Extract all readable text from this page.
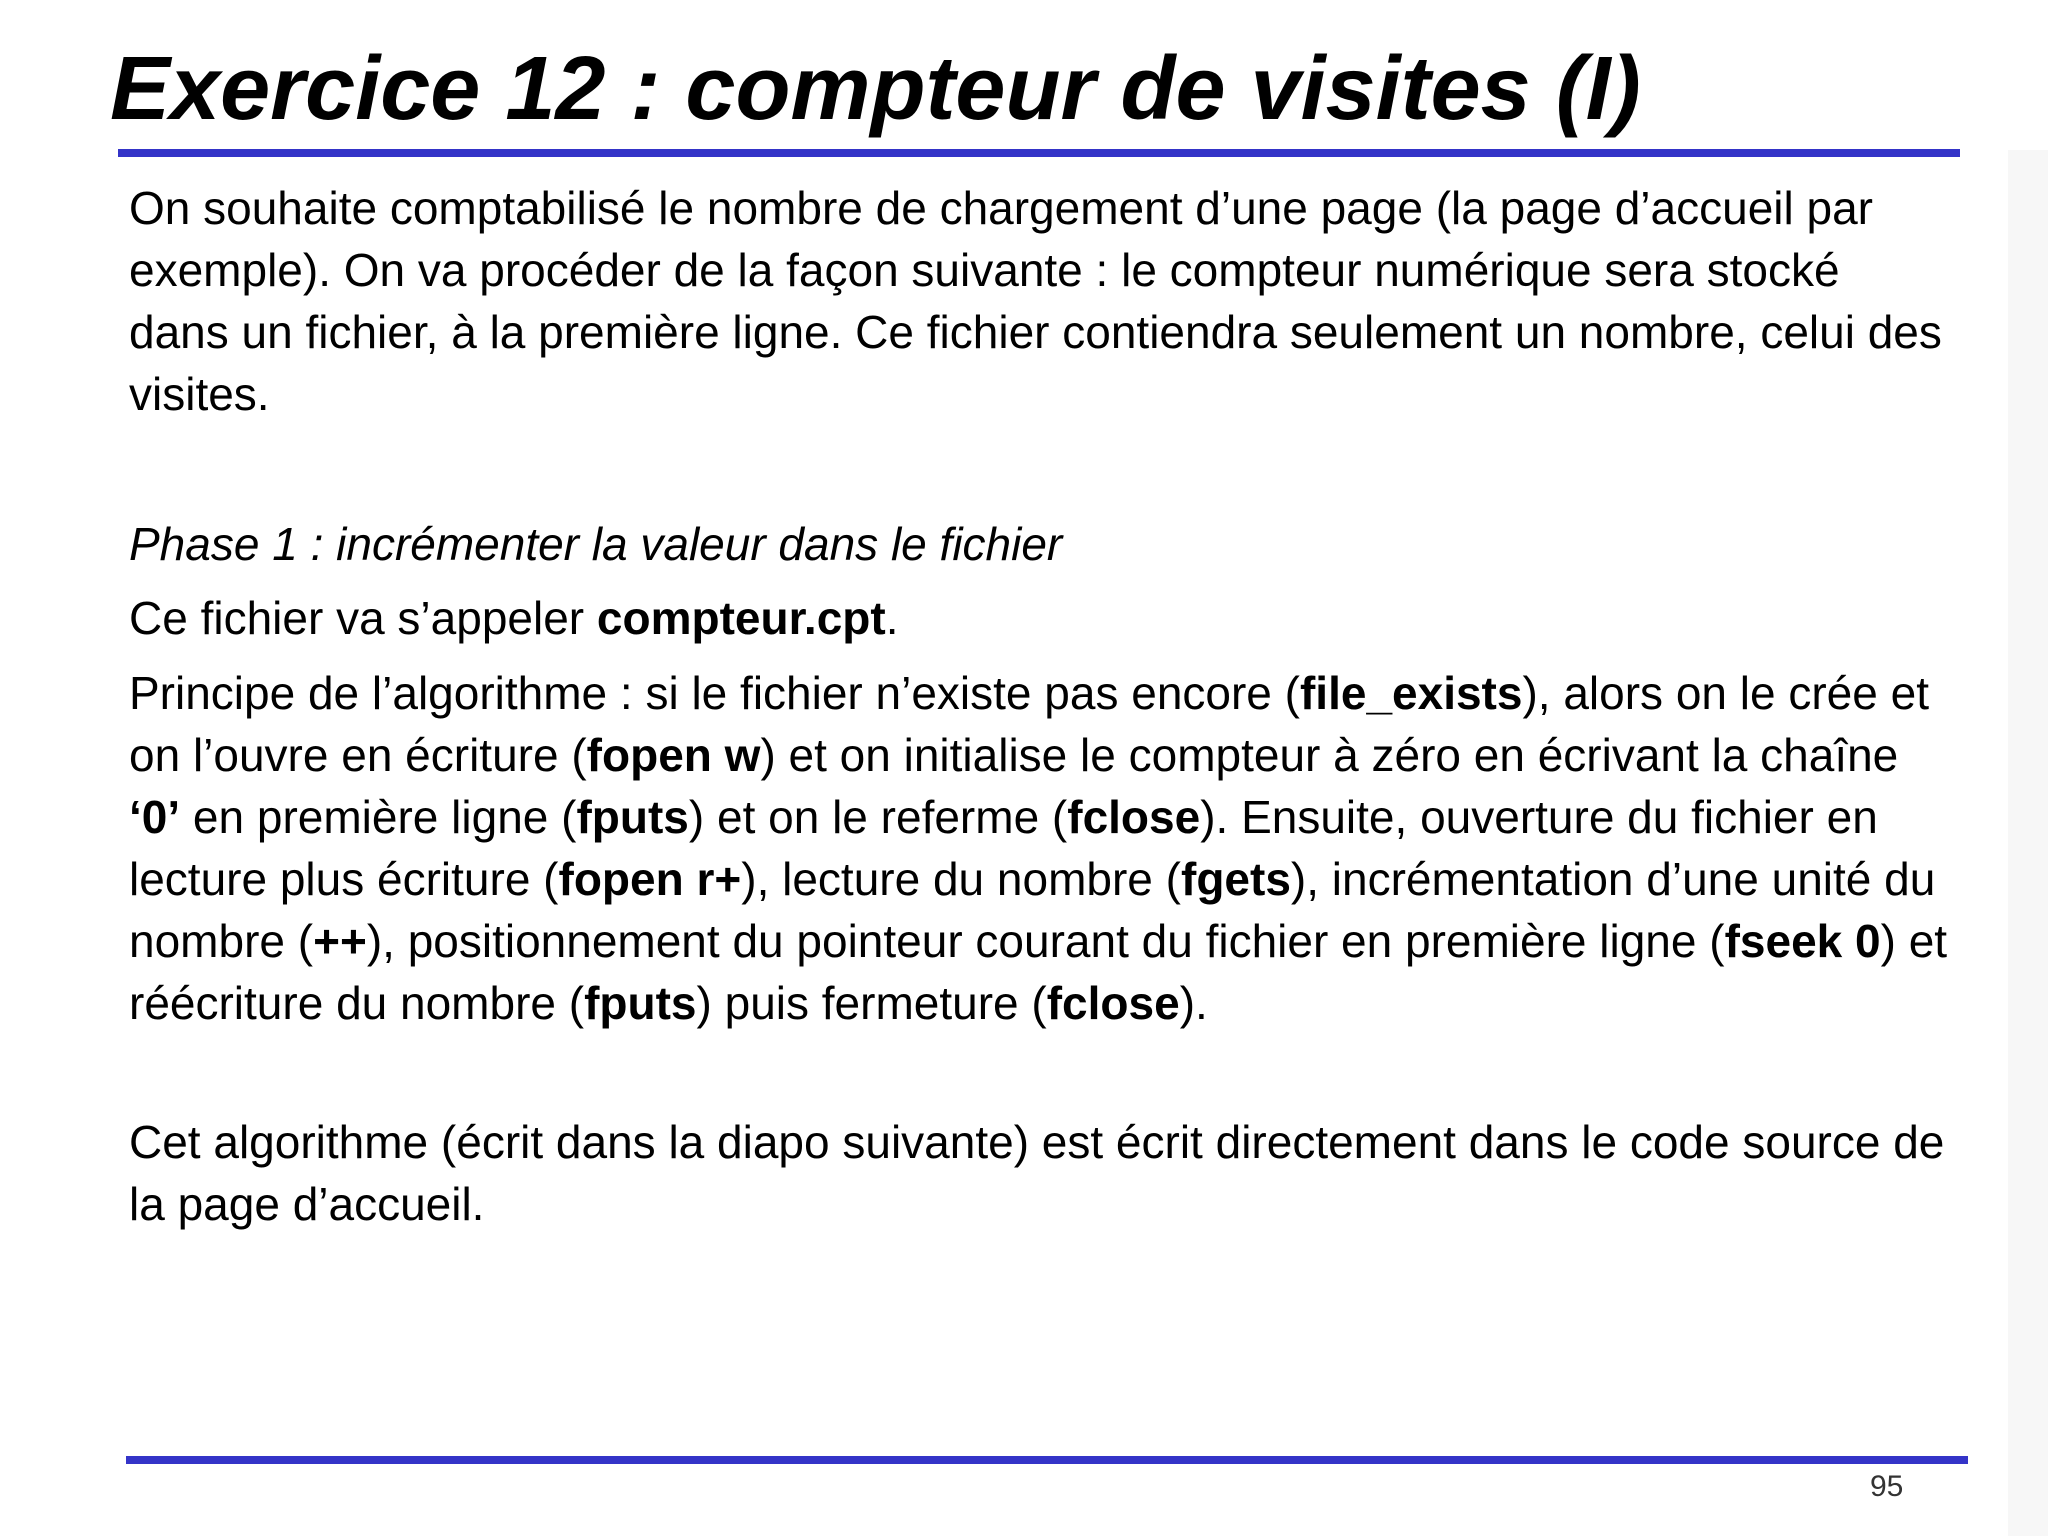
Exercice 12 : compteur de visites (I)

On souhaite comptabilisé le nombre de chargement d’une page (la page d’accueil par exemple). On va procéder de la façon suivante : le compteur numérique sera stocké dans un fichier, à la première ligne. Ce fichier contiendra seulement un nombre, celui des visites.

Phase 1 : incrémenter la valeur dans le fichier

Ce fichier va s’appeler compteur.cpt.

Principe de l’algorithme : si le fichier n’existe pas encore (file_exists), alors on le crée et on l’ouvre en écriture (fopen w) et on initialise le compteur à zéro en écrivant la chaîne ‘0’ en première ligne (fputs) et on le referme (fclose). Ensuite, ouverture du fichier en lecture plus écriture (fopen r+), lecture du nombre (fgets), incrémentation d’une unité du nombre (++), positionnement du pointeur courant du fichier en première ligne (fseek 0) et réécriture du nombre (fputs) puis fermeture (fclose).

Cet algorithme (écrit dans la diapo suivante) est écrit directement dans le code source de la page d’accueil.

95
